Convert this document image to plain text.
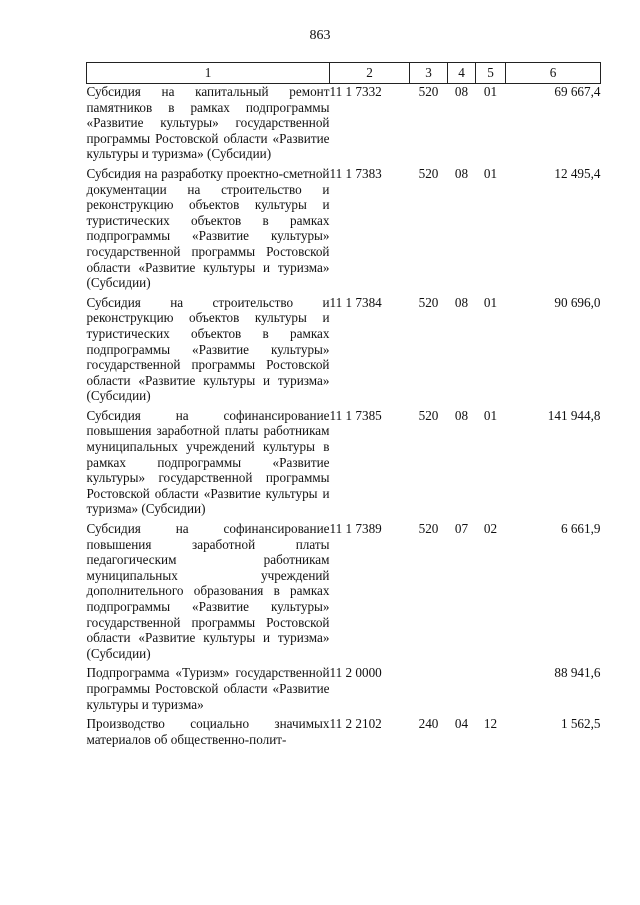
863
1	2	3	4	5	6
Субсидия на капитальный ремонт памятников в рамках подпрограммы «Развитие культуры» государственной программы Ростовской области «Развитие культуры и туризма» (Субсидии)	11 1 7332	520	08	01	69 667,4
Субсидия на разработку проектно-сметной документации на строительство и реконструкцию объектов культуры и туристических объектов в рамках подпрограммы «Развитие культуры» государственной программы Ростовской области «Развитие культуры и туризма» (Субсидии)	11 1 7383	520	08	01	12 495,4
Субсидия на строительство и реконструкцию объектов культуры и туристических объектов в рамках подпрограммы «Развитие культуры» государственной программы Ростовской области «Развитие культуры и туризма» (Субсидии)	11 1 7384	520	08	01	90 696,0
Субсидия на софинансирование повышения заработной платы работникам муниципальных учреждений культуры в рамках подпрограммы «Развитие культуры» государственной программы Ростовской области «Развитие культуры и туризма» (Субсидии)	11 1 7385	520	08	01	141 944,8
Субсидия на софинансирование повышения заработной платы педагогическим работникам муниципальных учреждений дополнительного образования в рамках подпрограммы «Развитие культуры» государственной программы Ростовской области «Развитие культуры и туризма» (Субсидии)	11 1 7389	520	07	02	6 661,9
Подпрограмма «Туризм» государственной программы Ростовской области «Развитие культуры и туризма»	11 2 0000				88 941,6
Производство социально значимых материалов об общественно-полит-	11 2 2102	240	04	12	1 562,5
